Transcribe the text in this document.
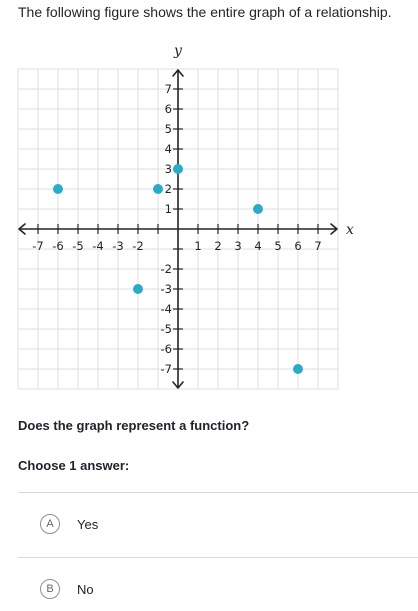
The following figure shows the entire graph of a relationship.
-7 -6 -5 -4 -3 -2	1 2 3 4 5 6 7
7
6
5
4
3
2
1
-2
-3
-4
-5
-6
-7
x
y
Does the graph represent a function?
Choose 1 answer:
A	Yes
B	No
